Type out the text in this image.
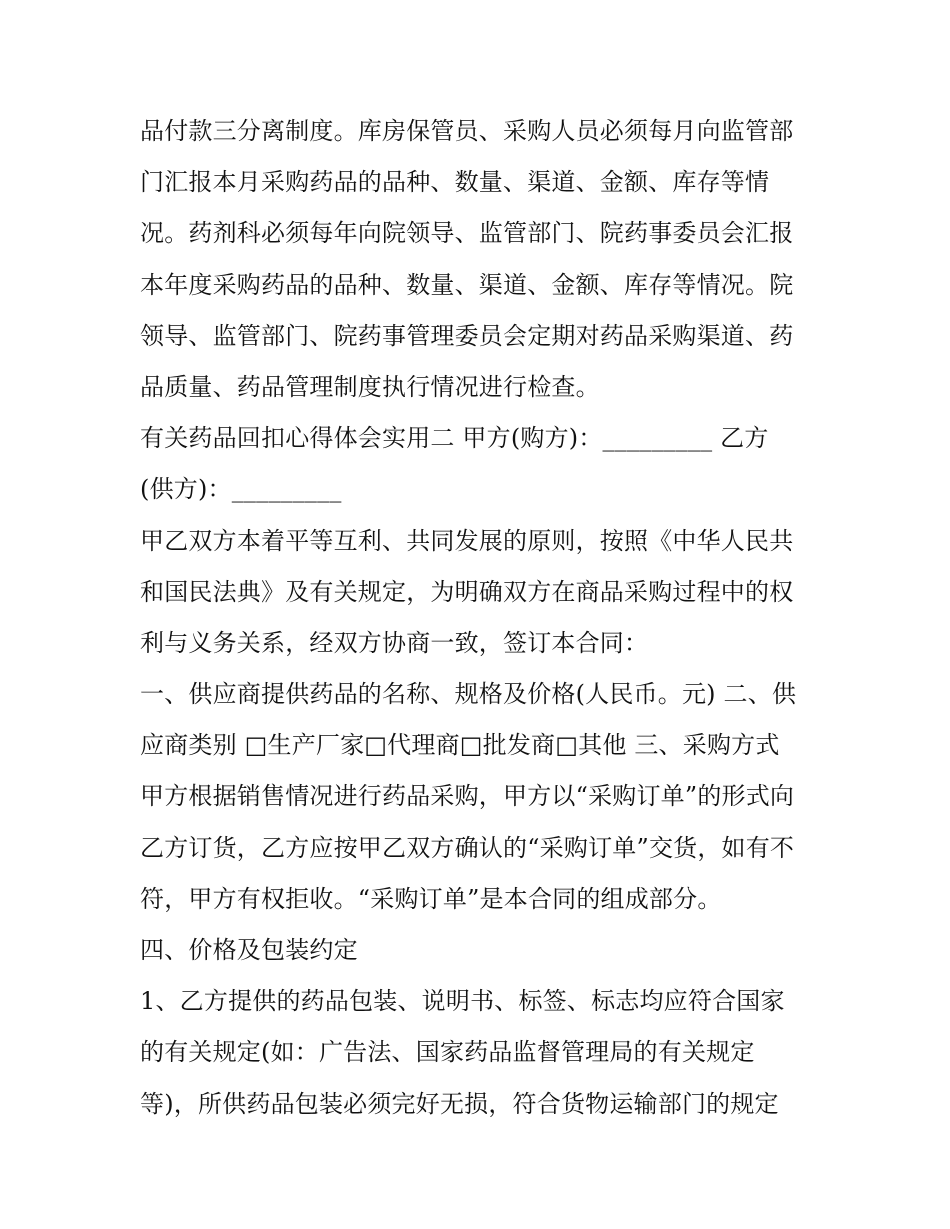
品付款三分离制度。库房保管员、采购人员必须每月向监管部
门汇报本月采购药品的品种、数量、渠道、金额、库存等情
况。药剂科必须每年向院领导、监管部门、院药事委员会汇报
本年度采购药品的品种、数量、渠道、金额、库存等情况。院
领导、监管部门、院药事管理委员会定期对药品采购渠道、药
品质量、药品管理制度执行情况进行检查。
有关药品回扣心得体会实用二 甲方(购方)：_________ 乙方
(供方)：_________
甲乙双方本着平等互利、共同发展的原则，按照《中华人民共
和国民法典》及有关规定，为明确双方在商品采购过程中的权
利与义务关系，经双方协商一致，签订本合同：
一、供应商提供药品的名称、规格及价格(人民币。元) 二、供
应商类别 □生产厂家□代理商□批发商□其他 三、采购方式
甲方根据销售情况进行药品采购，甲方以“采购订单”的形式向
乙方订货，乙方应按甲乙双方确认的“采购订单”交货，如有不
符，甲方有权拒收。“采购订单”是本合同的组成部分。
四、价格及包装约定
1、乙方提供的药品包装、说明书、标签、标志均应符合国家
的有关规定(如：广告法、国家药品监督管理局的有关规定
等)，所供药品包装必须完好无损，符合货物运输部门的规定
